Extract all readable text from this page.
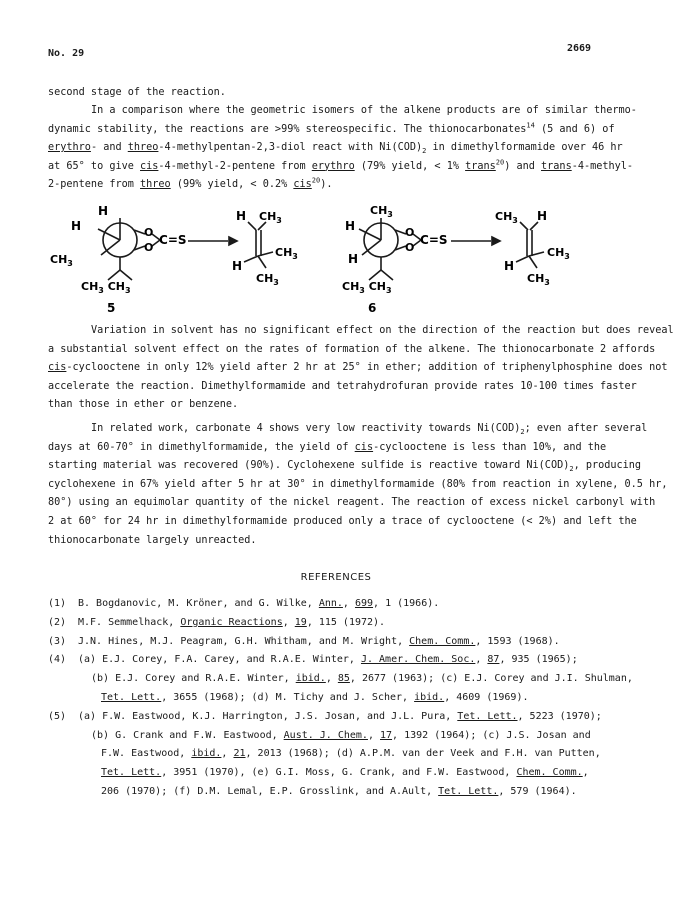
No. 29	2669
second stage of the reaction.
In a comparison where the geometric isomers of the alkene products are of similar thermo-
dynamic stability, the reactions are >99% stereospecific. The thionocarbonates$^{14}$ (5 and 6) of
erythro- and threo-4-methylpentan-2,3-diol react with $Ni(COD)_2$ in dimethylformamide over 46 hr
at 65° to give cis-4-methyl-2-pentene from erythro (79% yield, < 1% trans$^{20}$) and trans-4-methyl-
2-pentene from threo (99% yield, < 0.2% cis$^{20}$).
H
H
$CH_3$
O
O
C=S
$CH_3$ $CH_3$
5
H $CH_3$
H
$CH_3$
$CH_3$
$CH_3$
H
H
O
O
C=S
$CH_3$ $CH_3$
6
$CH_3$ H
H
$CH_3$
$CH_3$
Variation in solvent has no significant effect on the direction of the reaction but does reveal
a substantial solvent effect on the rates of formation of the alkene. The thionocarbonate 2 affords
cis-cyclooctene in only 12% yield after 2 hr at 25° in ether; addition of triphenylphosphine does not
accelerate the reaction. Dimethylformamide and tetrahydrofuran provide rates 10-100 times faster
than those in ether or benzene.
In related work, carbonate 4 shows very low reactivity towards $Ni(COD)_2$; even after several
days at 60-70° in dimethylformamide, the yield of cis-cyclooctene is less than 10%, and the
starting material was recovered (90%). Cyclohexene sulfide is reactive toward $Ni(COD)_2$, producing
cyclohexene in 67% yield after 5 hr at 30° in dimethylformamide (80% from reaction in xylene, 0.5 hr,
80°) using an equimolar quantity of the nickel reagent. The reaction of excess nickel carbonyl with
2 at 60° for 24 hr in dimethylformamide produced only a trace of cyclooctene (< 2%) and left the
thionocarbonate largely unreacted.
REFERENCES
(1) B. Bogdanovic, M. Kröner, and G. Wilke, Ann., 699, 1 (1966).
(2) M.F. Semmelhack, Organic Reactions, 19, 115 (1972).
(3) J.N. Hines, M.J. Peagram, G.H. Whitham, and M. Wright, Chem. Comm., 1593 (1968).
(4) (a) E.J. Corey, F.A. Carey, and R.A.E. Winter, J. Amer. Chem. Soc., 87, 935 (1965);
(b) E.J. Corey and R.A.E. Winter, ibid., 85, 2677 (1963); (c) E.J. Corey and J.I. Shulman,
Tet. Lett., 3655 (1968); (d) M. Tichy and J. Scher, ibid., 4609 (1969).
(5) (a) F.W. Eastwood, K.J. Harrington, J.S. Josan, and J.L. Pura, Tet. Lett., 5223 (1970);
(b) G. Crank and F.W. Eastwood, Aust. J. Chem., 17, 1392 (1964); (c) J.S. Josan and
F.W. Eastwood, ibid., 21, 2013 (1968); (d) A.P.M. van der Veek and F.H. van Putten,
Tet. Lett., 3951 (1970), (e) G.I. Moss, G. Crank, and F.W. Eastwood, Chem. Comm.,
206 (1970); (f) D.M. Lemal, E.P. Grosslink, and A.Ault, Tet. Lett., 579 (1964).
